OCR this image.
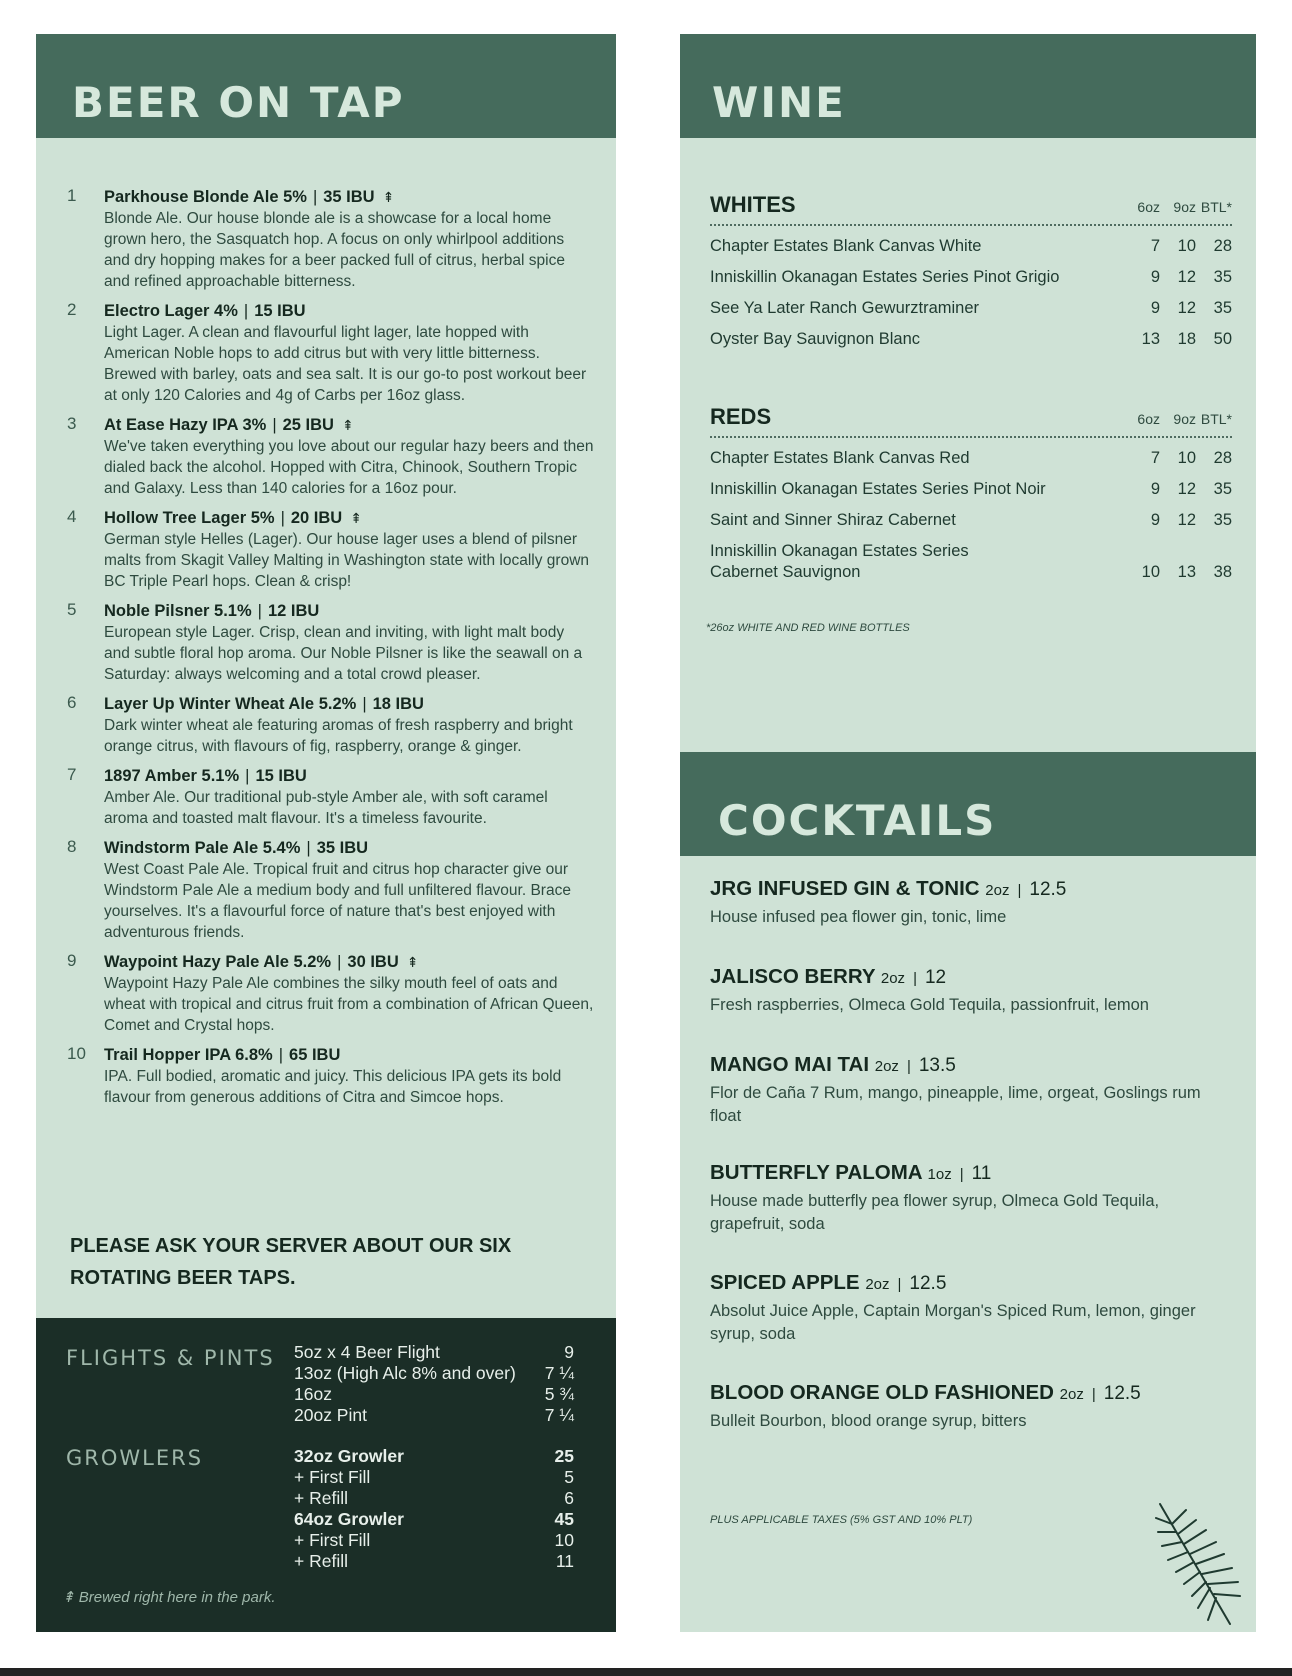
BEER ON TAP
1 Parkhouse Blonde Ale 5% | 35 IBU ⇞
Blonde Ale. Our house blonde ale is a showcase for a local home grown hero, the Sasquatch hop. A focus on only whirlpool additions and dry hopping makes for a beer packed full of citrus, herbal spice and refined approachable bitterness.
2 Electro Lager 4% | 15 IBU
Light Lager. A clean and flavourful light lager, late hopped with American Noble hops to add citrus but with very little bitterness. Brewed with barley, oats and sea salt. It is our go-to post workout beer at only 120 Calories and 4g of Carbs per 16oz glass.
3 At Ease Hazy IPA 3% | 25 IBU ⇞
We've taken everything you love about our regular hazy beers and then dialed back the alcohol. Hopped with Citra, Chinook, Southern Tropic and Galaxy. Less than 140 calories for a 16oz pour.
4 Hollow Tree Lager 5% | 20 IBU ⇞
German style Helles (Lager). Our house lager uses a blend of pilsner malts from Skagit Valley Malting in Washington state with locally grown BC Triple Pearl hops. Clean & crisp!
5 Noble Pilsner 5.1% | 12 IBU
European style Lager. Crisp, clean and inviting, with light malt body and subtle floral hop aroma. Our Noble Pilsner is like the seawall on a Saturday: always welcoming and a total crowd pleaser.
6 Layer Up Winter Wheat Ale 5.2% | 18 IBU
Dark winter wheat ale featuring aromas of fresh raspberry and bright orange citrus, with flavours of fig, raspberry, orange & ginger.
7 1897 Amber 5.1% | 15 IBU
Amber Ale. Our traditional pub-style Amber ale, with soft caramel aroma and toasted malt flavour. It's a timeless favourite.
8 Windstorm Pale Ale 5.4% | 35 IBU
West Coast Pale Ale. Tropical fruit and citrus hop character give our Windstorm Pale Ale a medium body and full unfiltered flavour. Brace yourselves. It's a flavourful force of nature that's best enjoyed with adventurous friends.
9 Waypoint Hazy Pale Ale 5.2% | 30 IBU ⇞
Waypoint Hazy Pale Ale combines the silky mouth feel of oats and wheat with tropical and citrus fruit from a combination of African Queen, Comet and Crystal hops.
10 Trail Hopper IPA 6.8% | 65 IBU
IPA. Full bodied, aromatic and juicy. This delicious IPA gets its bold flavour from generous additions of Citra and Simcoe hops.
PLEASE ASK YOUR SERVER ABOUT OUR SIX ROTATING BEER TAPS.
FLIGHTS & PINTS 5oz x 4 Beer Flight	9
13oz (High Alc 8% and over) 7 ¼
16oz	5 ¾
20oz Pint	7 ¼
GROWLERS	32oz Growler	25
+ First Fill	5
+ Refill	6
64oz Growler	45
+ First Fill	10
+ Refill	11
⇞ Brewed right here in the park.
WINE
WHITES	6oz 9oz BTL*
Chapter Estates Blank Canvas White	7	10	28
Inniskillin Okanagan Estates Series Pinot Grigio	9	12	35
See Ya Later Ranch Gewurztraminer	9	12	35
Oyster Bay Sauvignon Blanc	13	18	50
REDS	6oz 9oz BTL*
Chapter Estates Blank Canvas Red	7	10	28
Inniskillin Okanagan Estates Series Pinot Noir	9	12	35
Saint and Sinner Shiraz Cabernet	9	12	35
Inniskillin Okanagan Estates Series
Cabernet Sauvignon	10	13	38
*26oz WHITE AND RED WINE BOTTLES
COCKTAILS
JRG INFUSED GIN & TONIC 2oz | 12.5
House infused pea flower gin, tonic, lime
JALISCO BERRY 2oz | 12
Fresh raspberries, Olmeca Gold Tequila, passionfruit, lemon
MANGO MAI TAI 2oz | 13.5
Flor de Caña 7 Rum, mango, pineapple, lime, orgeat, Goslings rum float
BUTTERFLY PALOMA 1oz | 11
House made butterfly pea flower syrup, Olmeca Gold Tequila, grapefruit, soda
SPICED APPLE 2oz | 12.5
Absolut Juice Apple, Captain Morgan's Spiced Rum, lemon, ginger syrup, soda
BLOOD ORANGE OLD FASHIONED 2oz | 12.5
Bulleit Bourbon, blood orange syrup, bitters
PLUS APPLICABLE TAXES (5% GST AND 10% PLT)
